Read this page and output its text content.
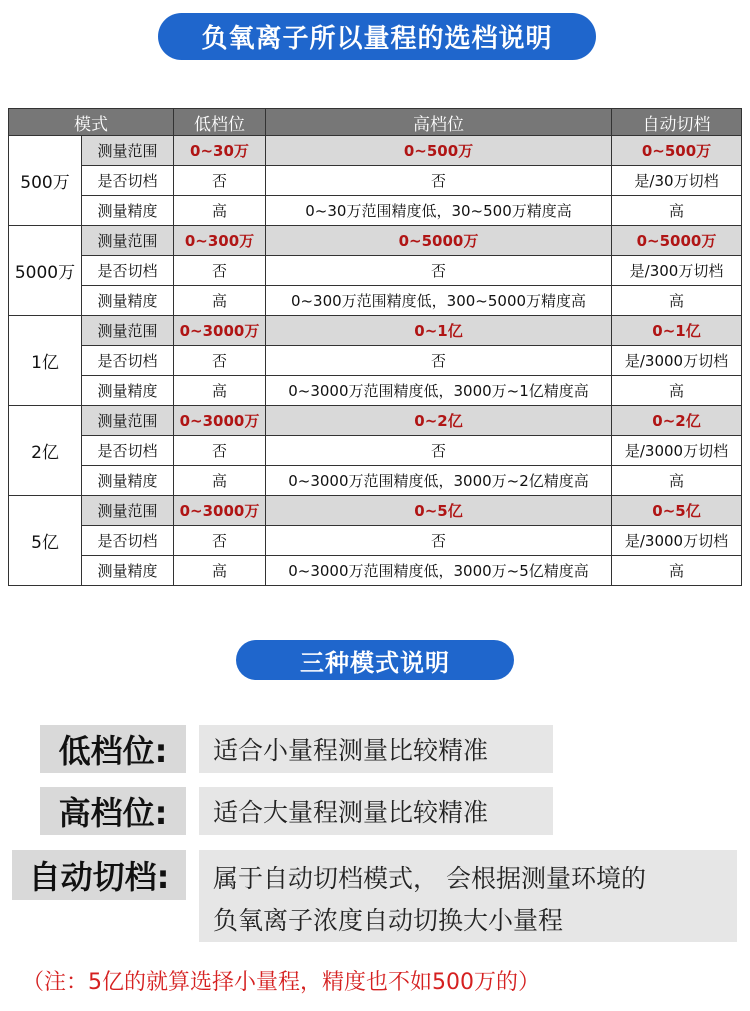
负氧离子所以量程的选档说明
模式		低档位	高档位	自动切档
500万	测量范围	0~30万	0~500万	0~500万
	是否切档	否	否	是/30万切档
	测量精度	高	0~30万范围精度低，30~500万精度高	高
5000万	测量范围	0~300万	0~5000万	0~5000万
	是否切档	否	否	是/300万切档
	测量精度	高	0~300万范围精度低，300~5000万精度高	高
1亿	测量范围	0~3000万	0~1亿	0~1亿
	是否切档	否	否	是/3000万切档
	测量精度	高	0~3000万范围精度低，3000万~1亿精度高	高
2亿	测量范围	0~3000万	0~2亿	0~2亿
	是否切档	否	否	是/3000万切档
	测量精度	高	0~3000万范围精度低，3000万~2亿精度高	高
5亿	测量范围	0~3000万	0~5亿	0~5亿
	是否切档	否	否	是/3000万切档
	测量精度	高	0~3000万范围精度低，3000万~5亿精度高	高
三种模式说明
低档位:	适合小量程测量比较精准
高档位:	适合大量程测量比较精准
自动切档:	属于自动切档模式， 会根据测量环境的
负氧离子浓度自动切换大小量程
（注：5亿的就算选择小量程，精度也不如500万的）
